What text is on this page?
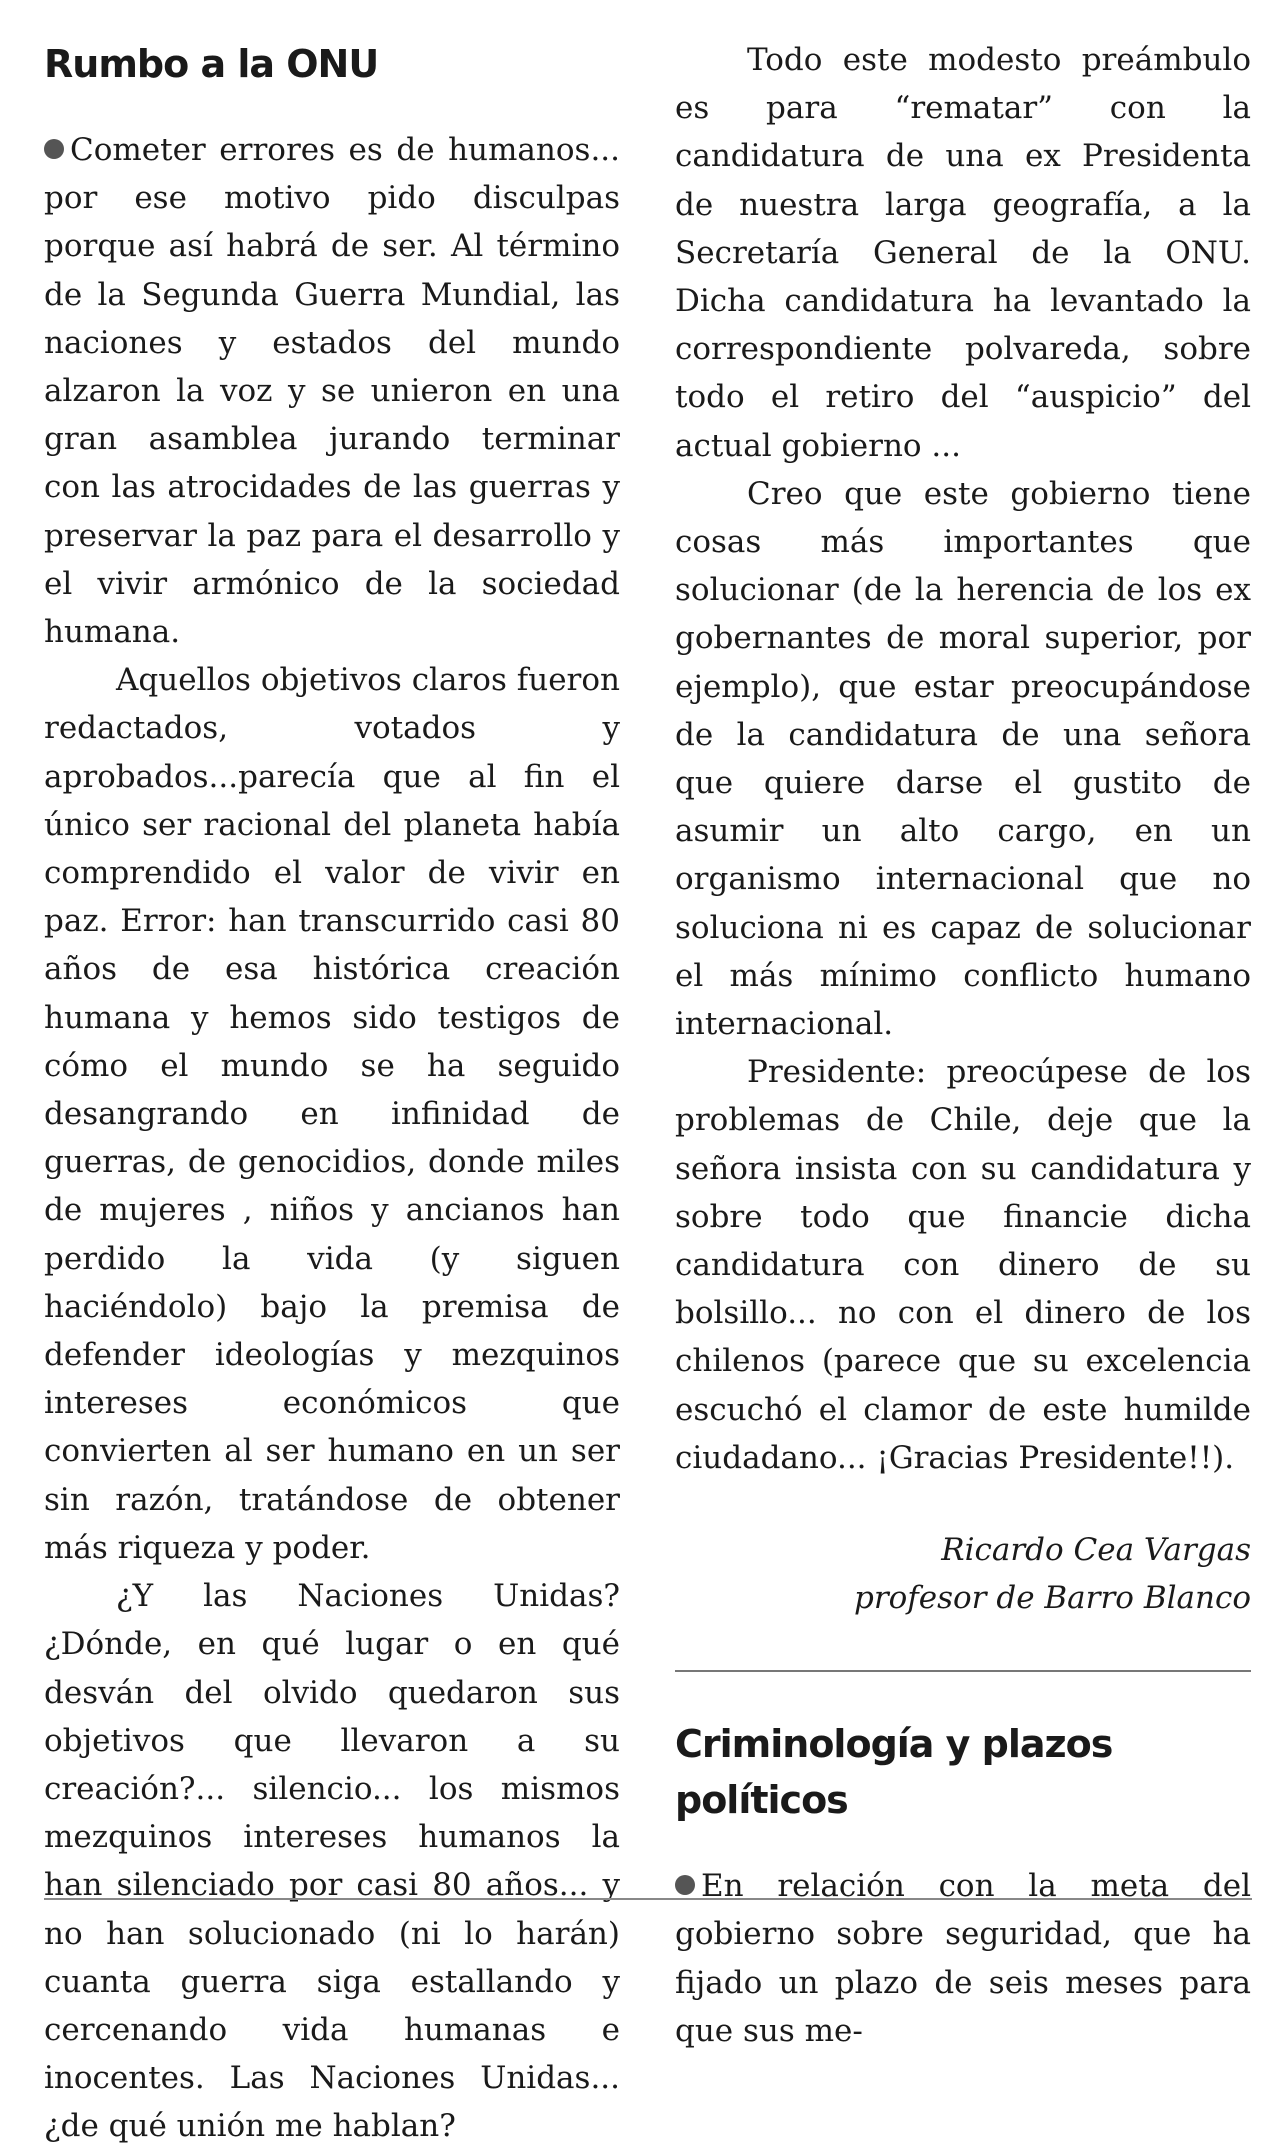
Rumbo a la ONU

Cometer errores es de humanos... por ese motivo pido disculpas porque así habrá de ser. Al término de la Segunda Guerra Mundial, las naciones y estados del mundo alzaron la voz y se unieron en una gran asamblea jurando terminar con las atrocidades de las guerras y preservar la paz para el desarrollo y el vivir armónico de la sociedad humana.

Aquellos objetivos claros fueron redactados, votados y aprobados...parecía que al fin el único ser racional del planeta había comprendido el valor de vivir en paz. Error: han transcurrido casi 80 años de esa histórica creación humana y hemos sido testigos de cómo el mundo se ha seguido desangrando en infinidad de guerras, de genocidios, donde miles de mujeres , niños y ancianos han perdido la vida (y siguen haciéndolo) bajo la premisa de defender ideologías y mezquinos intereses económicos que convierten al ser humano en un ser sin razón, tratándose de obtener más riqueza y poder.

¿Y las Naciones Unidas? ¿Dónde, en qué lugar o en qué desván del olvido quedaron sus objetivos que llevaron a su creación?... silencio... los mismos mezquinos intereses humanos la han silenciado por casi 80 años... y no han solucionado (ni lo harán) cuanta guerra siga estallando y cercenando vida humanas e inocentes. Las Naciones Unidas... ¿de qué unión me hablan?

Todo este modesto preámbulo es para “rematar” con la candidatura de una ex Presidenta de nuestra larga geografía, a la Secretaría General de la ONU. Dicha candidatura ha levantado la correspondiente polvareda, sobre todo el retiro del “auspicio” del actual gobierno ...

Creo que este gobierno tiene cosas más importantes que solucionar (de la herencia de los ex gobernantes de moral superior, por ejemplo), que estar preocupándose de la candidatura de una señora que quiere darse el gustito de asumir un alto cargo, en un organismo internacional que no soluciona ni es capaz de solucionar el más mínimo conflicto humano internacional.

Presidente: preocúpese de los problemas de Chile, deje que la señora insista con su candidatura y sobre todo que financie dicha candidatura con dinero de su bolsillo... no con el dinero de los chilenos (parece que su excelencia escuchó el clamor de este humilde ciudadano... ¡Gracias Presidente!!).

Ricardo Cea Vargas
profesor de Barro Blanco
Criminología y plazos políticos

En relación con la meta del gobierno sobre seguridad, que ha fijado un plazo de seis meses para que sus me-
